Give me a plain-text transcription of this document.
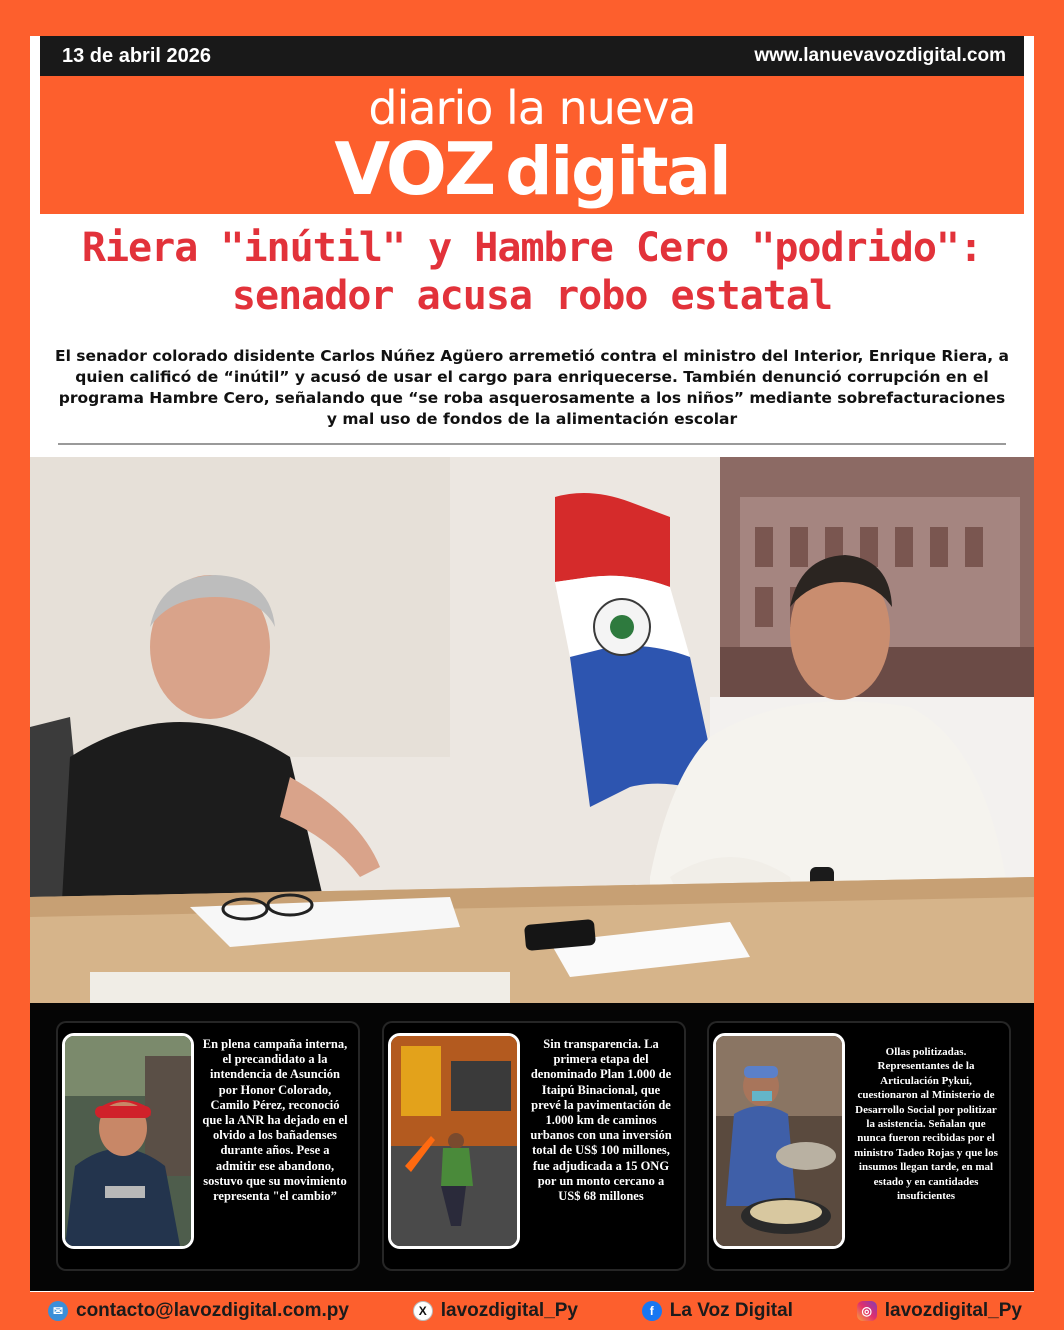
13 de abril 2026	www.lanuevavozdigital.com
diario la nueva
VOZ digital
Riera "inútil" y Hambre Cero "podrido":
senador acusa robo estatal
El senador colorado disidente Carlos Núñez Agüero arremetió contra el ministro del Interior, Enrique Riera, a quien calificó de “inútil” y acusó de usar el cargo para enriquecerse. También denunció corrupción en el programa Hambre Cero, señalando que “se roba asquerosamente a los niños” mediante sobrefacturaciones y mal uso de fondos de la alimentación escolar
En plena campaña interna, el precandidato a la intendencia de Asunción por Honor Colorado, Camilo Pérez, reconoció que la ANR ha dejado en el olvido a los bañadenses durante años. Pese a admitir ese abandono, sostuvo que su movimiento representa "el cambio”
Sin transparencia. La primera etapa del denominado Plan 1.000 de Itaipú Binacional, que prevé la pavimentación de 1.000 km de caminos urbanos con una inversión total de US$ 100 millones, fue adjudicada a 15 ONG por un monto cercano a US$ 68 millones
Ollas politizadas. Representantes de la Articulación Pykui, cuestionaron al Ministerio de Desarrollo Social por politizar la asistencia. Señalan que nunca fueron recibidas por el ministro Tadeo Rojas y que los insumos llegan tarde, en mal estado y en cantidades insuficientes
✉ contacto@lavozdigital.com.py	X lavozdigital_Py	f La Voz Digital	◎ lavozdigital_Py
